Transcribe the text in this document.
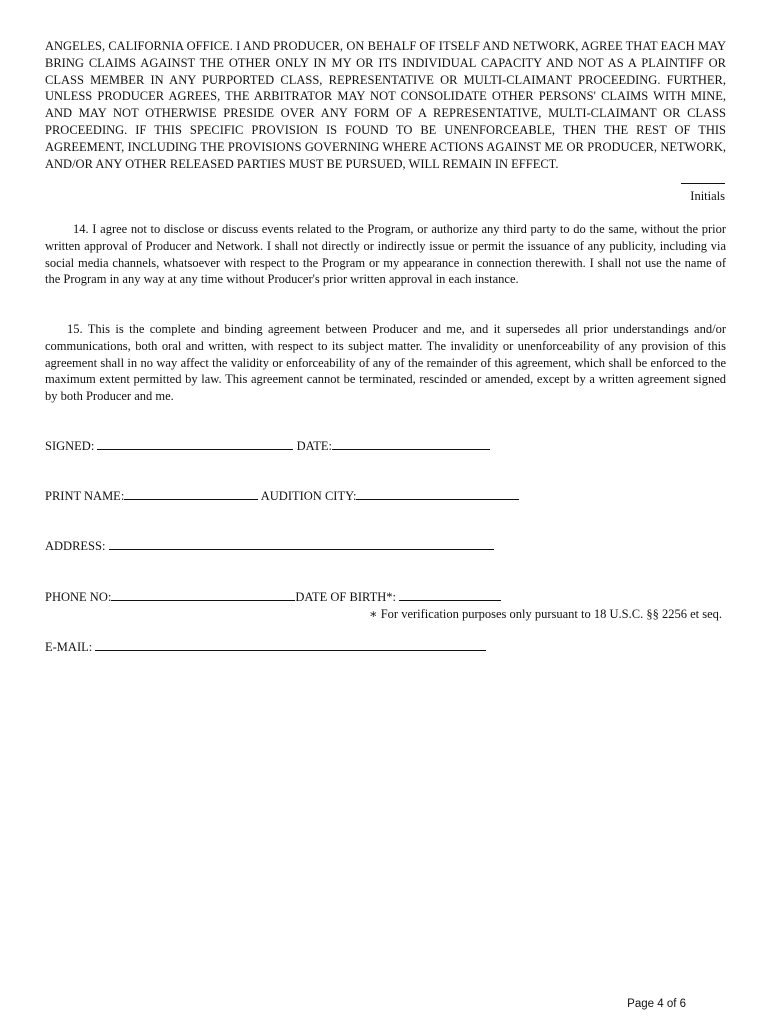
ANGELES, CALIFORNIA OFFICE. I AND PRODUCER, ON BEHALF OF ITSELF AND NETWORK, AGREE THAT EACH MAY BRING CLAIMS AGAINST THE OTHER ONLY IN MY OR ITS INDIVIDUAL CAPACITY AND NOT AS A PLAINTIFF OR CLASS MEMBER IN ANY PURPORTED CLASS, REPRESENTATIVE OR MULTI-CLAIMANT PROCEEDING. FURTHER, UNLESS PRODUCER AGREES, THE ARBITRATOR MAY NOT CONSOLIDATE OTHER PERSONS' CLAIMS WITH MINE, AND MAY NOT OTHERWISE PRESIDE OVER ANY FORM OF A REPRESENTATIVE, MULTI-CLAIMANT OR CLASS PROCEEDING. IF THIS SPECIFIC PROVISION IS FOUND TO BE UNENFORCEABLE, THEN THE REST OF THIS AGREEMENT, INCLUDING THE PROVISIONS GOVERNING WHERE ACTIONS AGAINST ME OR PRODUCER, NETWORK, AND/OR ANY OTHER RELEASED PARTIES MUST BE PURSUED, WILL REMAIN IN EFFECT.

Initials

14. I agree not to disclose or discuss events related to the Program, or authorize any third party to do the same, without the prior written approval of Producer and Network. I shall not directly or indirectly issue or permit the issuance of any publicity, including via social media channels, whatsoever with respect to the Program or my appearance in connection therewith. I shall not use the name of the Program in any way at any time without Producer's prior written approval in each instance.

15. This is the complete and binding agreement between Producer and me, and it supersedes all prior understandings and/or communications, both oral and written, with respect to its subject matter. The invalidity or unenforceability of any provision of this agreement shall in no way affect the validity or enforceability of any of the remainder of this agreement, which shall be enforced to the maximum extent permitted by law. This agreement cannot be terminated, rescinded or amended, except by a written agreement signed by both Producer and me.

SIGNED:	DATE:
PRINT NAME:	AUDITION CITY:
ADDRESS:
PHONE NO:	DATE OF BIRTH*:
∗ For verification purposes only pursuant to 18 U.S.C. §§ 2256 et seq.
E-MAIL:
Page 4 of 6
